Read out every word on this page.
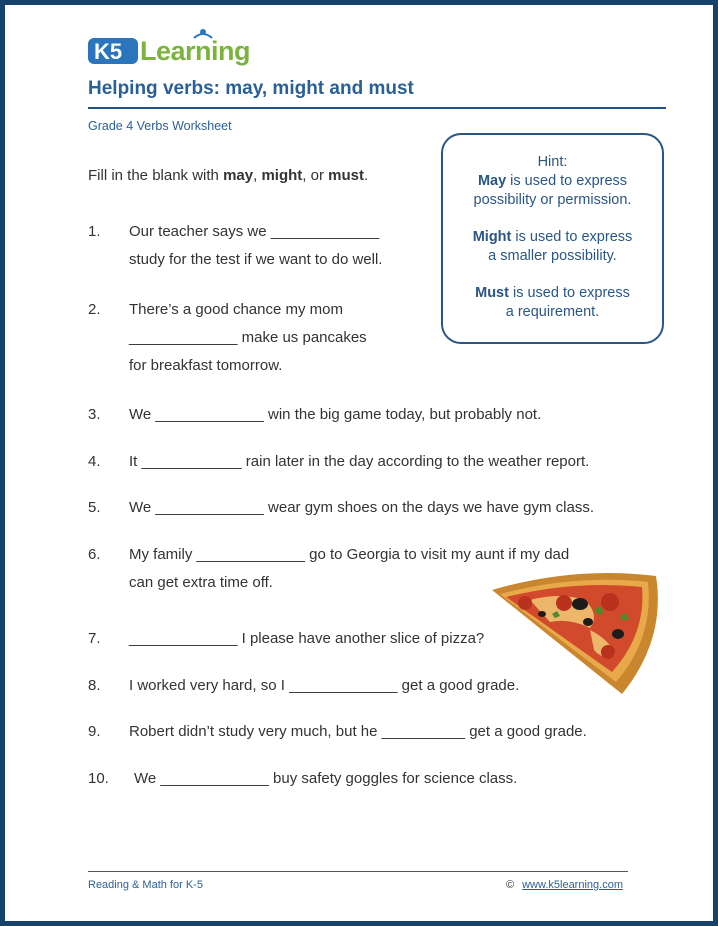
K5 Learning
Helping verbs: may, might and must
Grade 4 Verbs Worksheet
Fill in the blank with may, might, or must.
Hint:
May is used to express
possibility or permission.
Might is used to express
a smaller possibility.
Must is used to express
a requirement.
1. Our teacher says we _____________
study for the test if we want to do well.
2. There’s a good chance my mom
_____________ make us pancakes
for breakfast tomorrow.
3. We _____________ win the big game today, but probably not.
4. It ____________ rain later in the day according to the weather report.
5. We _____________ wear gym shoes on the days we have gym class.
6. My family _____________ go to Georgia to visit my aunt if my dad
can get extra time off.
7. _____________ I please have another slice of pizza?
8. I worked very hard, so I _____________ get a good grade.
9. Robert didn’t study very much, but he __________ get a good grade.
10. We _____________ buy safety goggles for science class.
Reading & Math for K-5	© www.k5learning.com
